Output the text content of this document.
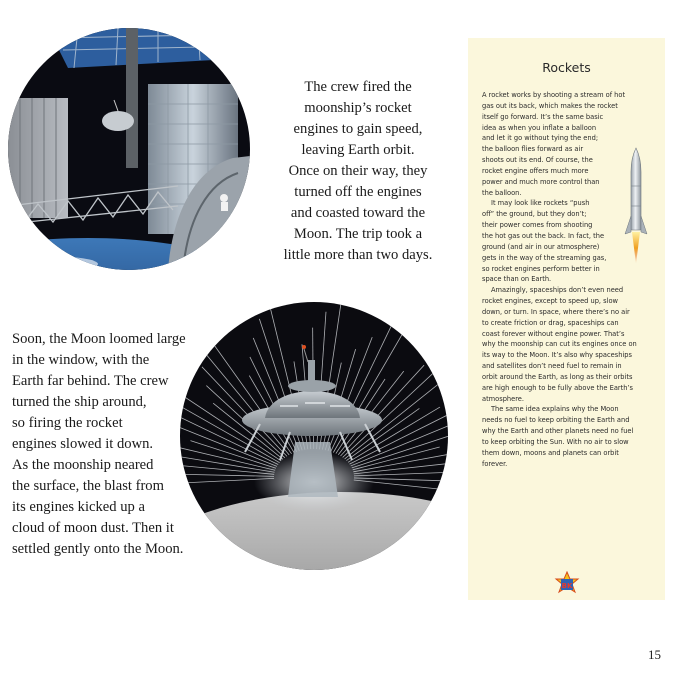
The crew fired the
moonship’s rocket
engines to gain speed,
leaving Earth orbit.
Once on their way, they
turned off the engines
and coasted toward the
Moon. The trip took a
little more than two days.

Soon, the Moon loomed large
in the window, with the
Earth far behind. The crew
turned the ship around,
so firing the rocket
engines slowed it down.
As the moonship neared
the surface, the blast from
its engines kicked up a
cloud of moon dust. Then it
settled gently onto the Moon.

Rockets
A rocket works by shooting a stream of hot
gas out its back, which makes the rocket
itself go forward. It’s the same basic
idea as when you inflate a balloon
and let it go without tying the end;
the balloon flies forward as air
shoots out its end. Of course, the
rocket engine offers much more
power and much more control than
the balloon.
It may look like rockets “push
off” the ground, but they don’t;
their power comes from shooting
the hot gas out the back. In fact, the
ground (and air in our atmosphere)
gets in the way of the streaming gas,
so rocket engines perform better in
space than on Earth.
Amazingly, spaceships don’t even need
rocket engines, except to speed up, slow
down, or turn. In space, where there’s no air
to create friction or drag, spaceships can
coast forever without engine power. That’s
why the moonship can cut its engines once on
its way to the Moon. It’s also why spaceships
and satellites don’t need fuel to remain in
orbit around the Earth, as long as their orbits
are high enough to be fully above the Earth’s
atmosphere.
The same idea explains why the Moon
needs no fuel to keep orbiting the Earth and
why the Earth and other planets need no fuel
to keep orbiting the Sun. With no air to slow
them down, moons and planets can orbit
forever.
BK
15
